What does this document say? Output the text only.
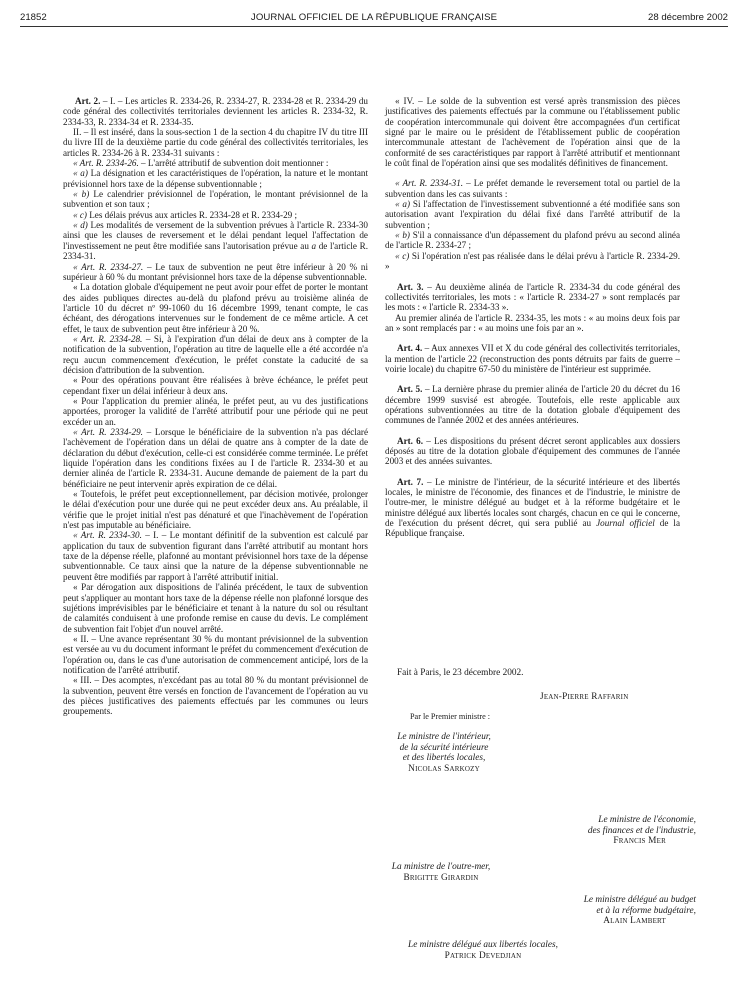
21852	JOURNAL OFFICIEL DE LA RÉPUBLIQUE FRANÇAISE	28 décembre 2002

Art. 2. – I. – Les articles R. 2334-26, R. 2334-27, R. 2334-28 et R. 2334-29 du code général des collectivités territoriales deviennent les articles R. 2334-32, R. 2334-33, R. 2334-34 et R. 2334-35.

II. – Il est inséré, dans la sous-section 1 de la section 4 du chapitre IV du titre III du livre III de la deuxième partie du code général des collectivités territoriales, les articles R. 2334-26 à R. 2334-31 suivants :

« Art. R. 2334-26. – L'arrêté attributif de subvention doit mentionner :

« a) La désignation et les caractéristiques de l'opération, la nature et le montant prévisionnel hors taxe de la dépense subventionnable ;

« b) Le calendrier prévisionnel de l'opération, le montant prévisionnel de la subvention et son taux ;

« c) Les délais prévus aux articles R. 2334-28 et R. 2334-29 ;

« d) Les modalités de versement de la subvention prévues à l'article R. 2334-30 ainsi que les clauses de reversement et le délai pendant lequel l'affectation de l'investissement ne peut être modifiée sans l'autorisation prévue au a de l'article R. 2334-31.

« Art. R. 2334-27. – Le taux de subvention ne peut être inférieur à 20 % ni supérieur à 60 % du montant prévisionnel hors taxe de la dépense subventionnable.

« La dotation globale d'équipement ne peut avoir pour effet de porter le montant des aides publiques directes au-delà du plafond prévu au troisième alinéa de l'article 10 du décret nº 99-1060 du 16 décembre 1999, tenant compte, le cas échéant, des dérogations intervenues sur le fondement de ce même article. A cet effet, le taux de subvention peut être inférieur à 20 %.

« Art. R. 2334-28. – Si, à l'expiration d'un délai de deux ans à compter de la notification de la subvention, l'opération au titre de laquelle elle a été accordée n'a reçu aucun commencement d'exécution, le préfet constate la caducité de sa décision d'attribution de la subvention.

« Pour des opérations pouvant être réalisées à brève échéance, le préfet peut cependant fixer un délai inférieur à deux ans.

« Pour l'application du premier alinéa, le préfet peut, au vu des justifications apportées, proroger la validité de l'arrêté attributif pour une période qui ne peut excéder un an.

« Art. R. 2334-29. – Lorsque le bénéficiaire de la subvention n'a pas déclaré l'achèvement de l'opération dans un délai de quatre ans à compter de la date de déclaration du début d'exécution, celle-ci est considérée comme terminée. Le préfet liquide l'opération dans les conditions fixées au I de l'article R. 2334-30 et au dernier alinéa de l'article R. 2334-31. Aucune demande de paiement de la part du bénéficiaire ne peut intervenir après expiration de ce délai.

« Toutefois, le préfet peut exceptionnellement, par décision motivée, prolonger le délai d'exécution pour une durée qui ne peut excéder deux ans. Au préalable, il vérifie que le projet initial n'est pas dénaturé et que l'inachèvement de l'opération n'est pas imputable au bénéficiaire.

« Art. R. 2334-30. – I. – Le montant définitif de la subvention est calculé par application du taux de subvention figurant dans l'arrêté attributif au montant hors taxe de la dépense réelle, plafonné au montant prévisionnel hors taxe de la dépense subventionnable. Ce taux ainsi que la nature de la dépense subventionnable ne peuvent être modifiés par rapport à l'arrêté attributif initial.

« Par dérogation aux dispositions de l'alinéa précédent, le taux de subvention peut s'appliquer au montant hors taxe de la dépense réelle non plafonné lorsque des sujétions imprévisibles par le bénéficiaire et tenant à la nature du sol ou résultant de calamités conduisent à une profonde remise en cause du devis. Le complément de subvention fait l'objet d'un nouvel arrêté.

« II. – Une avance représentant 30 % du montant prévisionnel de la subvention est versée au vu du document informant le préfet du commencement d'exécution de l'opération ou, dans le cas d'une autorisation de commencement anticipé, lors de la notification de l'arrêté attributif.

« III. – Des acomptes, n'excédant pas au total 80 % du montant prévisionnel de la subvention, peuvent être versés en fonction de l'avancement de l'opération au vu des pièces justificatives des paiements effectués par les communes ou leurs groupements.

« IV. – Le solde de la subvention est versé après transmission des pièces justificatives des paiements effectués par la commune ou l'établissement public de coopération intercommunale qui doivent être accompagnées d'un certificat signé par le maire ou le président de l'établissement public de coopération intercommunale attestant de l'achèvement de l'opération ainsi que de la conformité de ses caractéristiques par rapport à l'arrêté attributif et mentionnant le coût final de l'opération ainsi que ses modalités définitives de financement.

« Art. R. 2334-31. – Le préfet demande le reversement total ou partiel de la subvention dans les cas suivants :

« a) Si l'affectation de l'investissement subventionné a été modifiée sans son autorisation avant l'expiration du délai fixé dans l'arrêté attributif de la subvention ;

« b) S'il a connaissance d'un dépassement du plafond prévu au second alinéa de l'article R. 2334-27 ;

« c) Si l'opération n'est pas réalisée dans le délai prévu à l'article R. 2334-29. »

Art. 3. – Au deuxième alinéa de l'article R. 2334-34 du code général des collectivités territoriales, les mots : « l'article R. 2334-27 » sont remplacés par les mots : « l'article R. 2334-33 ».

Au premier alinéa de l'article R. 2334-35, les mots : « au moins deux fois par an » sont remplacés par : « au moins une fois par an ».

Art. 4. – Aux annexes VII et X du code général des collectivités territoriales, la mention de l'article 22 (reconstruction des ponts détruits par faits de guerre – voirie locale) du chapitre 67-50 du ministère de l'intérieur est supprimée.

Art. 5. – La dernière phrase du premier alinéa de l'article 20 du décret du 16 décembre 1999 susvisé est abrogée. Toutefois, elle reste applicable aux opérations subventionnées au titre de la dotation globale d'équipement des communes de l'année 2002 et des années antérieures.

Art. 6. – Les dispositions du présent décret seront applicables aux dossiers déposés au titre de la dotation globale d'équipement des communes de l'année 2003 et des années suivantes.

Art. 7. – Le ministre de l'intérieur, de la sécurité intérieure et des libertés locales, le ministre de l'économie, des finances et de l'industrie, le ministre de l'outre-mer, le ministre délégué au budget et à la réforme budgétaire et le ministre délégué aux libertés locales sont chargés, chacun en ce qui le concerne, de l'exécution du présent décret, qui sera publié au Journal officiel de la République française.

Fait à Paris, le 23 décembre 2002.
Jean-Pierre Raffarin
Par le Premier ministre :
Le ministre de l'intérieur,
de la sécurité intérieure
et des libertés locales,
Nicolas Sarkozy
Le ministre de l'économie,
des finances et de l'industrie,
Francis Mer
La ministre de l'outre-mer,
Brigitte Girardin
Le ministre délégué au budget
et à la réforme budgétaire,
Alain Lambert
Le ministre délégué aux libertés locales,
Patrick Devedjian
